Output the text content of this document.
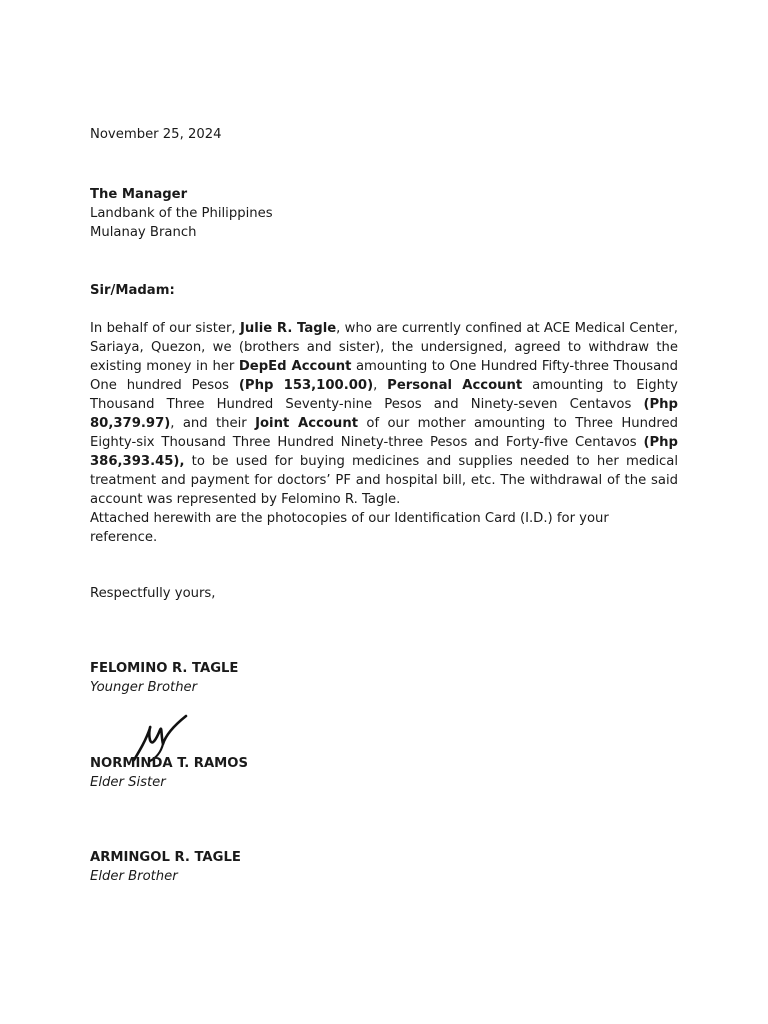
November 25, 2024
The Manager
Landbank of the Philippines
Mulanay Branch
Sir/Madam:
In behalf of our sister, Julie R. Tagle, who are currently confined at ACE Medical Center, Sariaya, Quezon, we (brothers and sister), the undersigned, agreed to withdraw the existing money in her DepEd Account amounting to One Hundred Fifty-three Thousand One hundred Pesos (Php 153,100.00), Personal Account amounting to Eighty Thousand Three Hundred Seventy-nine Pesos and Ninety-seven Centavos (Php 80,379.97), and their Joint Account of our mother amounting to Three Hundred Eighty-six Thousand Three Hundred Ninety-three Pesos and Forty-five Centavos (Php 386,393.45), to be used for buying medicines and supplies needed to her medical treatment and payment for doctors’ PF and hospital bill, etc. The withdrawal of the said account was represented by Felomino R. Tagle.
Attached herewith are the photocopies of our Identification Card (I.D.) for your reference.
Respectfully yours,
FELOMINO R. TAGLE
Younger Brother
NORMINDA T. RAMOS
Elder Sister
ARMINGOL R. TAGLE
Elder Brother
